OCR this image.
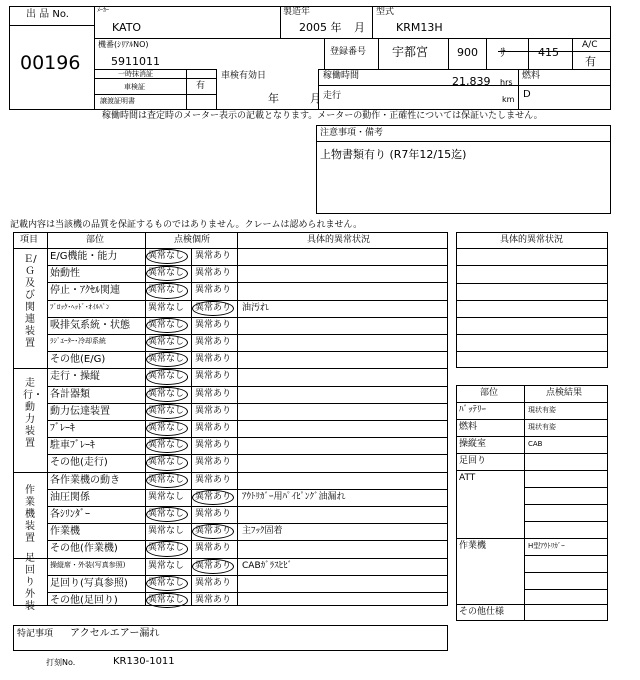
出 品 No.
00196
ﾒｰｶｰ
KATO
製造年
2005 年 月
型式
KRM13H
機番(ｼﾘｱﾙNO)
5911011
登録番号 宇都宮	900 ｻ	415
A/C
有
一時抹消証
車検証	有
譲渡証明書
車検有効日
年	月
稼働時間	21,839 hrs
走行	km
燃料
D
稼働時間は査定時のメーター表示の記載となります。メーターの動作・正確性については保証いたしません。
注意事項・備考
上物書類有り (R7年12/15迄)
記載内容は当該機の品質を保証するものではありません。クレームは認められません。
項目	部位	点検個所	具体的異常状況
E/G機能・能力	異常なし 異常あり
始動性	異常なし 異常あり
停止・ｱｸｾﾙ関連	異常なし 異常あり
ﾌﾞﾛｯｸ･ﾍｯﾄﾞ･ｵｲﾙﾊﾟﾝ	異常なし 異常あり 油汚れ
吸排気系統・状態 異常なし 異常あり
ﾗｼﾞｴｰﾀｰ･冷却系統	異常なし 異常あり
その他(E/G)	異常なし 異常あり
Ｅ/Ｇ及び関連装置
走行・操縦	異常なし 異常あり
各計器類	異常なし 異常あり
動力伝達装置	異常なし 異常あり
ﾌﾞﾚｰｷ	異常なし 異常あり
駐車ﾌﾞﾚｰｷ	異常なし 異常あり
その他(走行)	異常なし 異常あり
走行・動力装置
各作業機の動き	異常なし 異常あり
油圧関係	異常なし 異常あり ｱｳﾄﾘｶﾞｰ用ﾊﾟｲﾋﾟﾝｸﾞ油漏れ
各ｼﾘﾝﾀﾞｰ	異常なし 異常あり
作業機	異常なし 異常あり 主ﾌｯｸ固着
その他(作業機)	異常なし 異常あり
作業機装置
操縦席・外装(写真参照)	異常なし 異常あり CABｶﾞﾗｽﾋﾋﾞ
足回り(写真参照) 異常なし 異常あり
その他(足回り)	異常なし 異常あり
足回り外装
具体的異常状況
部位	点検結果
ﾊﾞｯﾃﾘｰ	現状有姿
燃料	現状有姿
操縦室	CAB
足回り
ATT
作業機	H型ｱｳﾄﾘｶﾞｰ
その他仕様
特記事項 アクセルエアー漏れ
打刻No.	KR130-1011
